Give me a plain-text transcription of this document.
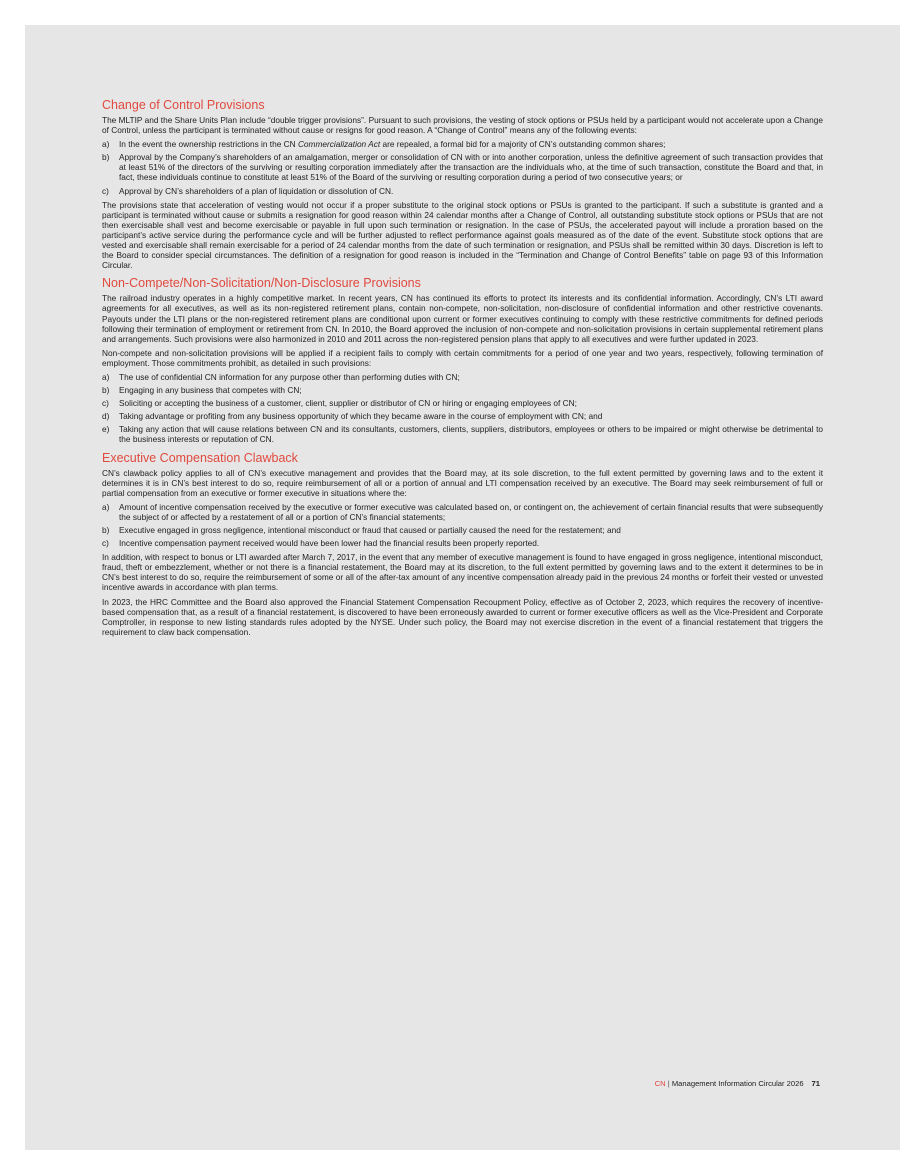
Change of Control Provisions

The MLTIP and the Share Units Plan include “double trigger provisions”. Pursuant to such provisions, the vesting of stock options or PSUs held by a participant would not accelerate upon a Change of Control, unless the participant is terminated without cause or resigns for good reason. A “Change of Control” means any of the following events:

a)	In the event the ownership restrictions in the CN Commercialization Act are repealed, a formal bid for a majority of CN’s outstanding common shares;
b)	Approval by the Company’s shareholders of an amalgamation, merger or consolidation of CN with or into another corporation, unless the definitive agreement of such transaction provides that at least 51% of the directors of the surviving or resulting corporation immediately after the transaction are the individuals who, at the time of such transaction, constitute the Board and that, in fact, these individuals continue to constitute at least 51% of the Board of the surviving or resulting corporation during a period of two consecutive years; or
c)	Approval by CN’s shareholders of a plan of liquidation or dissolution of CN.

The provisions state that acceleration of vesting would not occur if a proper substitute to the original stock options or PSUs is granted to the participant. If such a substitute is granted and a participant is terminated without cause or submits a resignation for good reason within 24 calendar months after a Change of Control, all outstanding substitute stock options or PSUs that are not then exercisable shall vest and become exercisable or payable in full upon such termination or resignation. In the case of PSUs, the accelerated payout will include a proration based on the participant’s active service during the performance cycle and will be further adjusted to reflect performance against goals measured as of the date of the event. Substitute stock options that are vested and exercisable shall remain exercisable for a period of 24 calendar months from the date of such termination or resignation, and PSUs shall be remitted within 30 days. Discretion is left to the Board to consider special circumstances. The definition of a resignation for good reason is included in the “Termination and Change of Control Benefits” table on page 93 of this Information Circular.

Non-Compete/Non-Solicitation/Non-Disclosure Provisions

The railroad industry operates in a highly competitive market. In recent years, CN has continued its efforts to protect its interests and its confidential information. Accordingly, CN’s LTI award agreements for all executives, as well as its non-registered retirement plans, contain non-compete, non-solicitation, non-disclosure of confidential information and other restrictive covenants. Payouts under the LTI plans or the non-registered retirement plans are conditional upon current or former executives continuing to comply with these restrictive commitments for defined periods following their termination of employment or retirement from CN. In 2010, the Board approved the inclusion of non-compete and non-solicitation provisions in certain supplemental retirement plans and arrangements. Such provisions were also harmonized in 2010 and 2011 across the non-registered pension plans that apply to all executives and were further updated in 2023.

Non-compete and non-solicitation provisions will be applied if a recipient fails to comply with certain commitments for a period of one year and two years, respectively, following termination of employment. Those commitments prohibit, as detailed in such provisions:

a)	The use of confidential CN information for any purpose other than performing duties with CN;
b)	Engaging in any business that competes with CN;
c)	Soliciting or accepting the business of a customer, client, supplier or distributor of CN or hiring or engaging employees of CN;
d)	Taking advantage or profiting from any business opportunity of which they became aware in the course of employment with CN; and
e)	Taking any action that will cause relations between CN and its consultants, customers, clients, suppliers, distributors, employees or others to be impaired or might otherwise be detrimental to the business interests or reputation of CN.
Executive Compensation Clawback

CN’s clawback policy applies to all of CN’s executive management and provides that the Board may, at its sole discretion, to the full extent permitted by governing laws and to the extent it determines it is in CN’s best interest to do so, require reimbursement of all or a portion of annual and LTI compensation received by an executive. The Board may seek reimbursement of full or partial compensation from an executive or former executive in situations where the:

a)	Amount of incentive compensation received by the executive or former executive was calculated based on, or contingent on, the achievement of certain financial results that were subsequently the subject of or affected by a restatement of all or a portion of CN’s financial statements;
b)	Executive engaged in gross negligence, intentional misconduct or fraud that caused or partially caused the need for the restatement; and
c)	Incentive compensation payment received would have been lower had the financial results been properly reported.

In addition, with respect to bonus or LTI awarded after March 7, 2017, in the event that any member of executive management is found to have engaged in gross negligence, intentional misconduct, fraud, theft or embezzlement, whether or not there is a financial restatement, the Board may at its discretion, to the full extent permitted by governing laws and to the extent it determines to be in CN’s best interest to do so, require the reimbursement of some or all of the after-tax amount of any incentive compensation already paid in the previous 24 months or forfeit their vested or unvested incentive awards in accordance with plan terms.

In 2023, the HRC Committee and the Board also approved the Financial Statement Compensation Recoupment Policy, effective as of October 2, 2023, which requires the recovery of incentive-based compensation that, as a result of a financial restatement, is discovered to have been erroneously awarded to current or former executive officers as well as the Vice-President and Corporate Comptroller, in response to new listing standards rules adopted by the NYSE. Under such policy, the Board may not exercise discretion in the event of a financial restatement that triggers the requirement to claw back compensation.

CN | Management Information Circular 2026 71
